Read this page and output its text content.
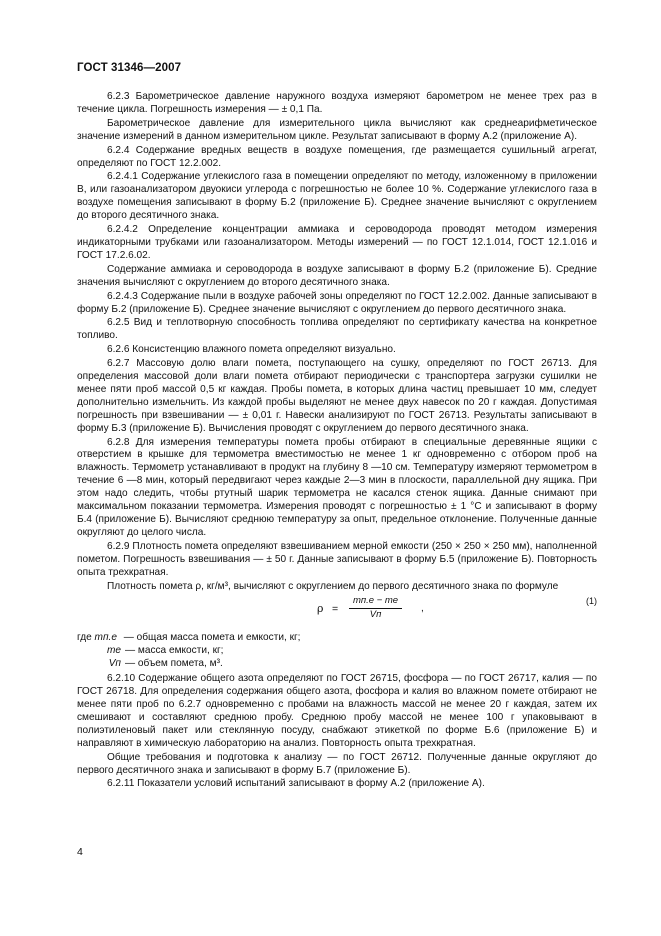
ГОСТ 31346—2007

6.2.3 Барометрическое давление наружного воздуха измеряют барометром не менее трех раз в течение цикла. Погрешность измерения — ± 0,1 Па.

Барометрическое давление для измерительного цикла вычисляют как среднеарифметическое значение измерений в данном измерительном цикле. Результат записывают в форму А.2 (приложение А).

6.2.4 Содержание вредных веществ в воздухе помещения, где размещается сушильный агрегат, определяют по ГОСТ 12.2.002.

6.2.4.1 Содержание углекислого газа в помещении определяют по методу, изложенному в приложении В, или газоанализатором двуокиси углерода с погрешностью не более 10 %. Содержание углекислого газа в воздухе помещения записывают в форму Б.2 (приложение Б). Среднее значение вычисляют с округлением до второго десятичного знака.

6.2.4.2 Определение концентрации аммиака и сероводорода проводят методом измерения индикаторными трубками или газоанализатором. Методы измерений — по ГОСТ 12.1.014, ГОСТ 12.1.016 и ГОСТ 17.2.6.02.

Содержание аммиака и сероводорода в воздухе записывают в форму Б.2 (приложение Б). Средние значения вычисляют с округлением до второго десятичного знака.

6.2.4.3 Содержание пыли в воздухе рабочей зоны определяют по ГОСТ 12.2.002. Данные записывают в форму Б.2 (приложение Б). Среднее значение вычисляют с округлением до первого десятичного знака.

6.2.5 Вид и теплотворную способность топлива определяют по сертификату качества на конкретное топливо.

6.2.6 Консистенцию влажного помета определяют визуально.

6.2.7 Массовую долю влаги помета, поступающего на сушку, определяют по ГОСТ 26713. Для определения массовой доли влаги помета отбирают периодически с транспортера загрузки сушилки не менее пяти проб массой 0,5 кг каждая. Пробы помета, в которых длина частиц превышает 10 мм, следует дополнительно измельчить. Из каждой пробы выделяют не менее двух навесок по 20 г каждая. Допустимая погрешность при взвешивании — ± 0,01 г. Навески анализируют по ГОСТ 26713. Результаты записывают в форму Б.3 (приложение Б). Вычисления проводят с округлением до первого десятичного знака.

6.2.8 Для измерения температуры помета пробы отбирают в специальные деревянные ящики с отверстием в крышке для термометра вместимостью не менее 1 кг одновременно с отбором проб на влажность. Термометр устанавливают в продукт на глубину 8 —10 см. Температуру измеряют термометром в течение 6 —8 мин, который передвигают через каждые 2—3 мин в плоскости, параллельной дну ящика. При этом надо следить, чтобы ртутный шарик термометра не касался стенок ящика. Данные снимают при максимальном показании термометра. Измерения проводят с погрешностью ± 1 °С и записывают в форму Б.4 (приложение Б). Вычисляют среднюю температуру за опыт, предельное отклонение. Полученные данные округляют до целого числа.

6.2.9 Плотность помета определяют взвешиванием мерной емкости (250 × 250 × 250 мм), наполненной пометом. Погрешность взвешивания — ± 50 г. Данные записывают в форму Б.5 (приложение Б). Повторность опыта трехкратная.

Плотность помета ρ, кг/м³, вычисляют с округлением до первого десятичного знака по формуле

ρ =
mп.е − mе
Vп
,
(1)
где
mп.е
— общая масса помета и емкости, кг;
mе — масса емкости, кг;
Vп — объем помета, м³.

6.2.10 Содержание общего азота определяют по ГОСТ 26715, фосфора — по ГОСТ 26717, калия — по ГОСТ 26718. Для определения содержания общего азота, фосфора и калия во влажном помете отбирают не менее пяти проб по 6.2.7 одновременно с пробами на влажность массой не менее 20 г каждая, затем их смешивают и составляют среднюю пробу. Среднюю пробу массой не менее 100 г упаковывают в полиэтиленовый пакет или стеклянную посуду, снабжают этикеткой по форме Б.6 (приложение Б) и направляют в химическую лабораторию на анализ. Повторность опыта трехкратная.

Общие требования и подготовка к анализу — по ГОСТ 26712. Полученные данные округляют до первого десятичного знака и записывают в форму Б.7 (приложение Б).

6.2.11 Показатели условий испытаний записывают в форму А.2 (приложение А).

4
